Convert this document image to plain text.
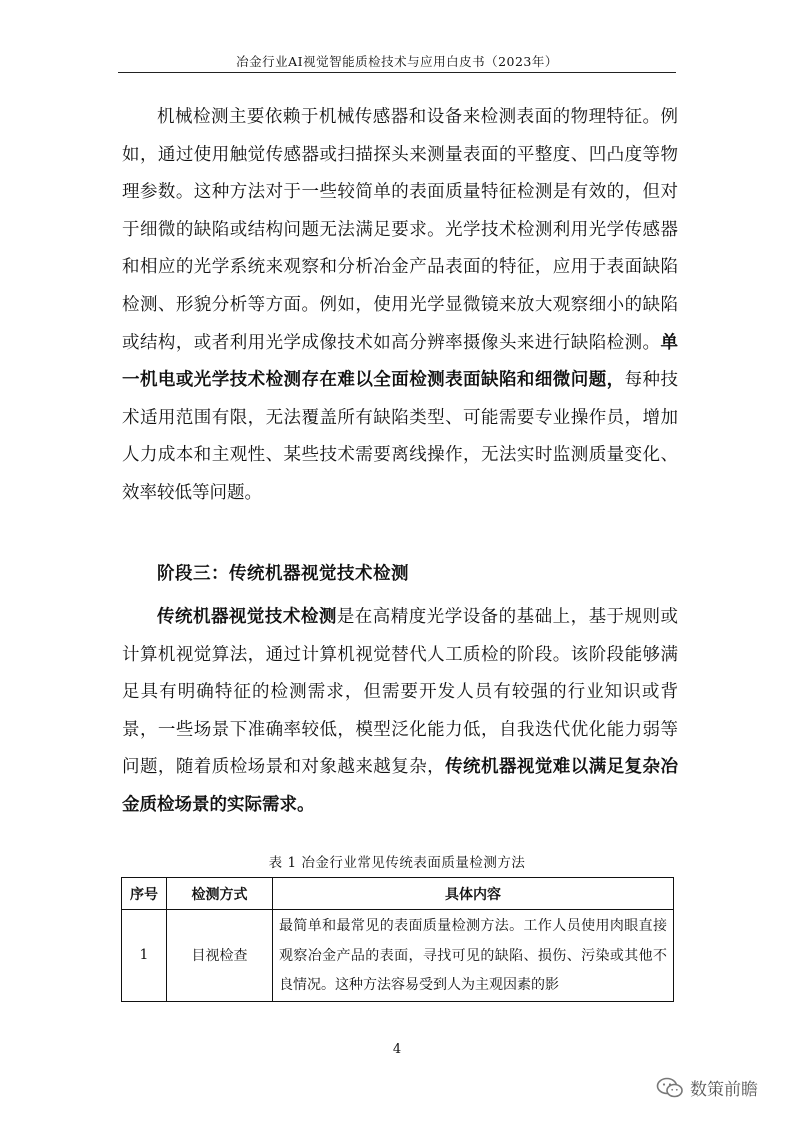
冶金行业AI视觉智能质检技术与应用白皮书（2023年）

机械检测主要依赖于机械传感器和设备来检测表面的物理特征。例如，通过使用触觉传感器或扫描探头来测量表面的平整度、凹凸度等物理参数。这种方法对于一些较简单的表面质量特征检测是有效的，但对于细微的缺陷或结构问题无法满足要求。光学技术检测利用光学传感器和相应的光学系统来观察和分析冶金产品表面的特征，应用于表面缺陷检测、形貌分析等方面。例如，使用光学显微镜来放大观察细小的缺陷或结构，或者利用光学成像技术如高分辨率摄像头来进行缺陷检测。单一机电或光学技术检测存在难以全面检测表面缺陷和细微问题，每种技术适用范围有限，无法覆盖所有缺陷类型、可能需要专业操作员，增加人力成本和主观性、某些技术需要离线操作，无法实时监测质量变化、效率较低等问题。

阶段三：传统机器视觉技术检测

传统机器视觉技术检测是在高精度光学设备的基础上，基于规则或计算机视觉算法，通过计算机视觉替代人工质检的阶段。该阶段能够满足具有明确特征的检测需求，但需要开发人员有较强的行业知识或背景，一些场景下准确率较低，模型泛化能力低，自我迭代优化能力弱等问题，随着质检场景和对象越来越复杂，传统机器视觉难以满足复杂冶金质检场景的实际需求。

表 1 冶金行业常见传统表面质量检测方法
序号	检测方式	具体内容
1	目视检查	最简单和最常见的表面质量检测方法。工作人员使用肉眼直接观察冶金产品的表面，寻找可见的缺陷、损伤、污染或其他不良情况。这种方法容易受到人为主观因素的影
4
数策前瞻
